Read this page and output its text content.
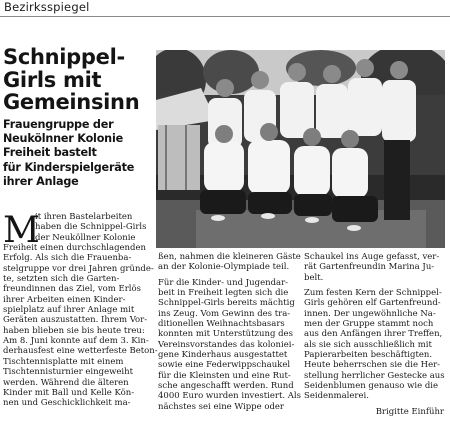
Bezirksspiegel
Schnippel-
Girls mit
Gemeinsinn
Frauengruppe der
Neukölnner Kolonie
Freiheit bastelt
für Kinderspielgeräte
ihrer Anlage
M
it ihren Bastelarbeiten
haben die Schnippel-Girls
der Neuköllner Kolonie
Freiheit einen durchschlagenden
Erfolg. Als sich die Frauenba-
stelgruppe vor drei Jahren gründe-
te, setzten sich die Garten-
freundinnen das Ziel, vom Erlös
ihrer Arbeiten einen Kinder-
spielplatz auf ihrer Anlage mit
Geräten auszustatten. Ihrem Vor-
haben blieben sie bis heute treu:
Am 8. Juni konnte auf dem 3. Kin-
derhausfest eine wetterfeste Beton-
Tischtennisplatte mit einem
Tischtennisturnier eingeweiht
werden. Während die älteren
Kinder mit Ball und Kelle Kön-
nen und Geschicklichkeit ma-
ßen, nahmen die kleineren Gäste
an der Kolonie-Olympiade teil.
Für die Kinder- und Jugendar-
beit in Freiheit legten sich die
Schnippel-Girls bereits mächtig
ins Zeug. Vom Gewinn des tra-
ditionellen Weihnachtsbasars
konnten mit Unterstützung des
Vereinsvorstandes das koloniei-
gene Kinderhaus ausgestattet
sowie eine Federwippschaukel
für die Kleinsten und eine Rut-
sche angeschafft werden. Rund
4000 Euro wurden investiert. Als
nächstes sei eine Wippe oder
Schaukel ins Auge gefasst, ver-
rät Gartenfreundin Marina Ju-
belt.
Zum festen Kern der Schnippel-
Girls gehören elf Gartenfreund-
innen. Der ungewöhnliche Na-
men der Gruppe stammt noch
aus den Anfängen ihrer Treffen,
als sie sich ausschließlich mit
Papierarbeiten beschäftigten.
Heute beherrschen sie die Her-
stellung herrlicher Gestecke aus
Seidenblumen genauso wie die
Seidenmalerei.
Brigitte Einführ
